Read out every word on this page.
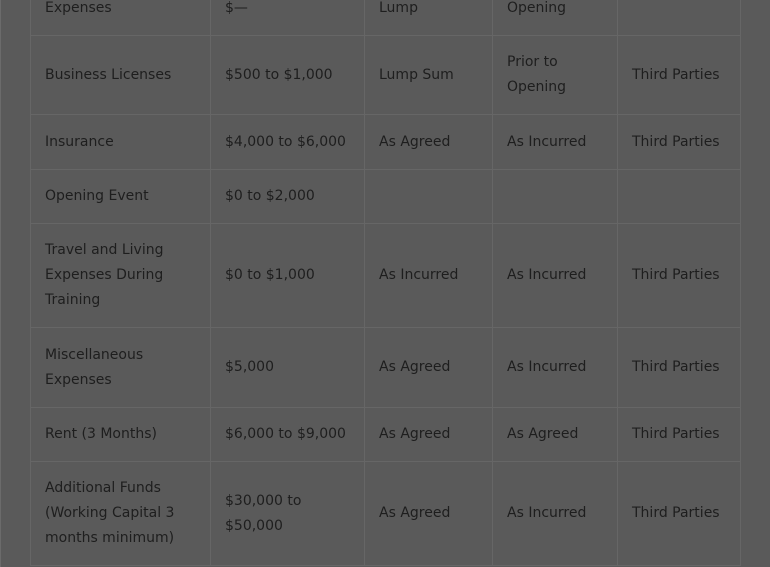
Expenses	$—	Lump	Opening	
Business Licenses	$500 to $1,000	Lump Sum	Prior to Opening	Third Parties
Insurance	$4,000 to $6,000	As Agreed	As Incurred	Third Parties
Opening Event	$0 to $2,000			
Travel and Living Expenses During Training	$0 to $1,000	As Incurred	As Incurred	Third Parties
Miscellaneous Expenses	$5,000	As Agreed	As Incurred	Third Parties
Rent (3 Months)	$6,000 to $9,000	As Agreed	As Agreed	Third Parties
Additional Funds (Working Capital 3 months minimum)	$30,000 to $50,000	As Agreed	As Incurred	Third Parties
